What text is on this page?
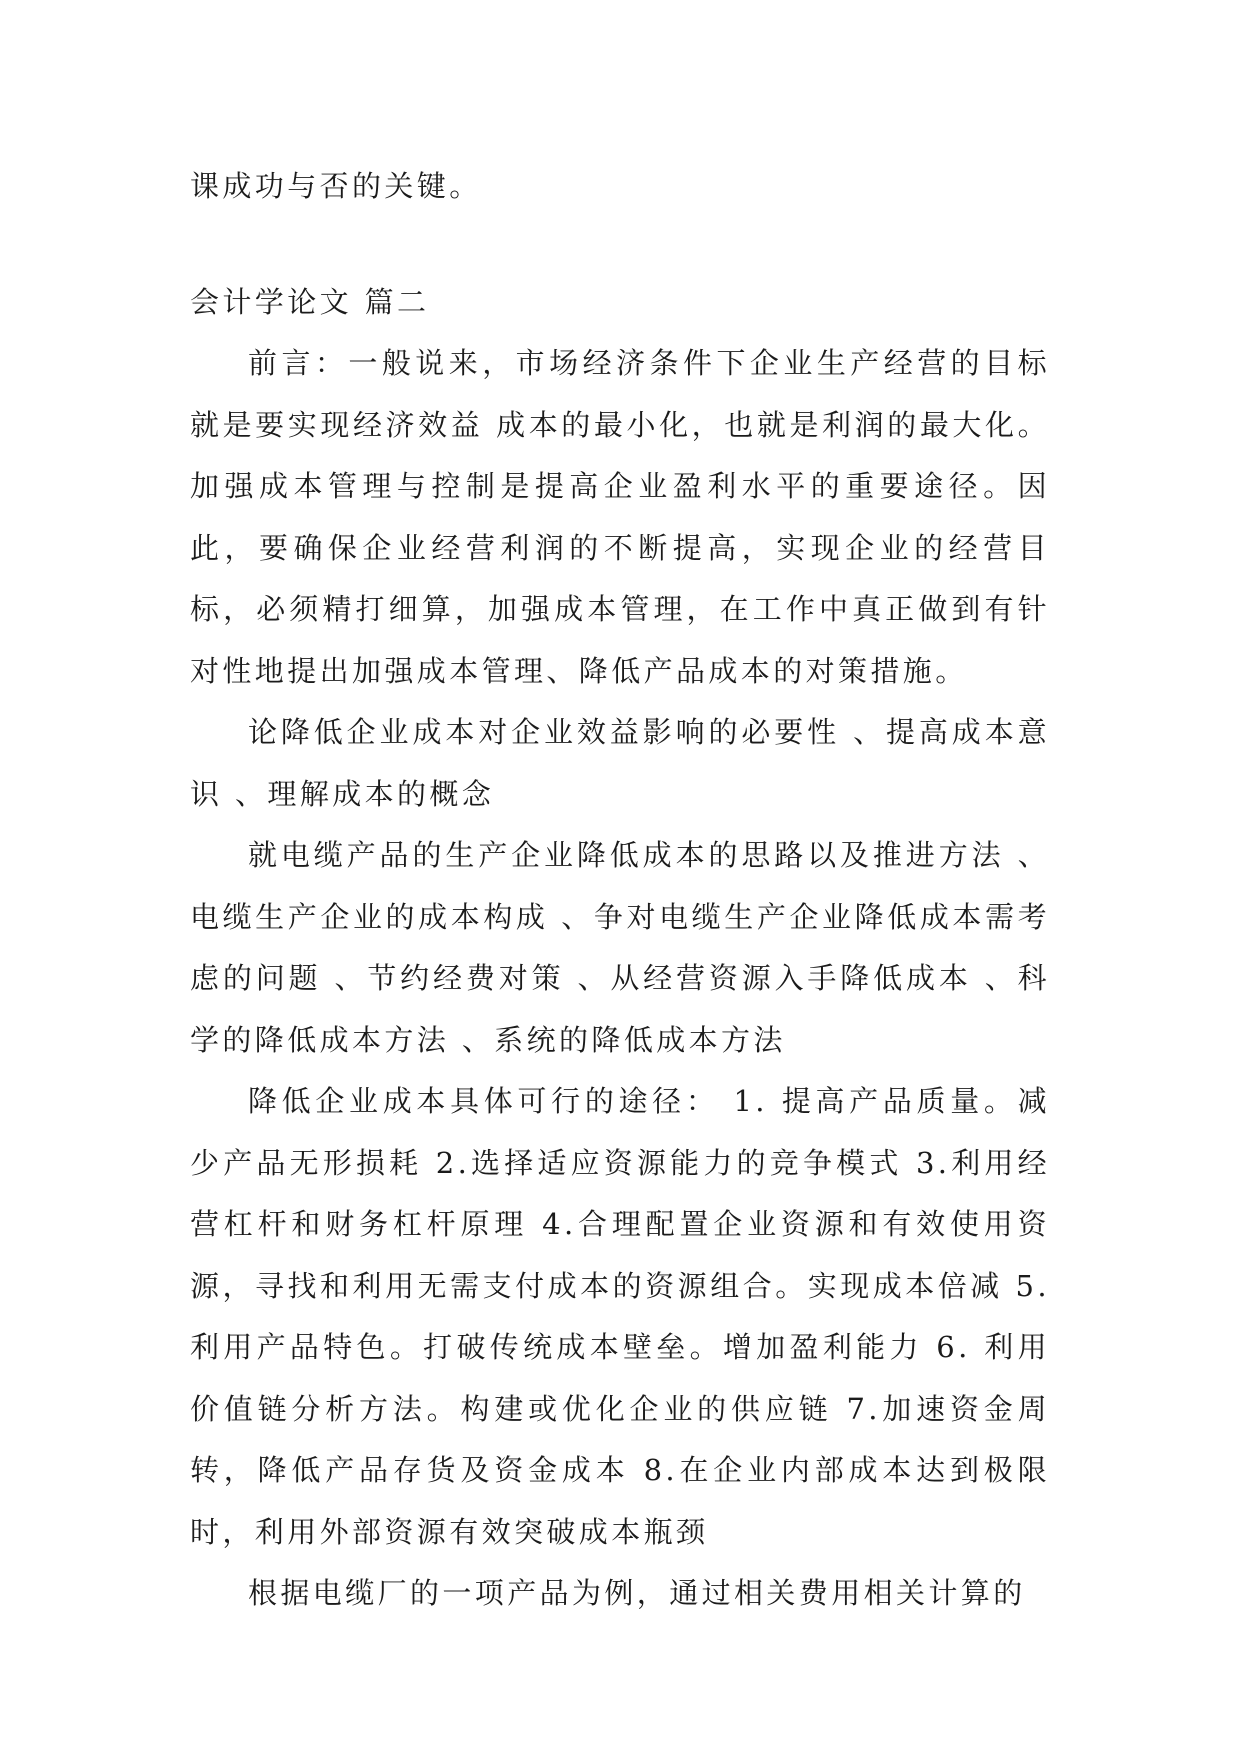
课成功与否的关键。

会计学论文 篇二

前言：一般说来，市场经济条件下企业生产经营的目标就是要实现经济效益 成本的最小化，也就是利润的最大化。加强成本管理与控制是提高企业盈利水平的重要途径。因此，要确保企业经营利润的不断提高，实现企业的经营目标，必须精打细算，加强成本管理，在工作中真正做到有针对性地提出加强成本管理、降低产品成本的对策措施。

论降低企业成本对企业效益影响的必要性 、提高成本意识 、理解成本的概念

就电缆产品的生产企业降低成本的思路以及推进方法 、电缆生产企业的成本构成 、争对电缆生产企业降低成本需考虑的问题 、节约经费对策 、从经营资源入手降低成本 、科学的降低成本方法 、系统的降低成本方法

降低企业成本具体可行的途径： 1. 提高产品质量。减少产品无形损耗 2.选择适应资源能力的竞争模式 3.利用经营杠杆和财务杠杆原理 4.合理配置企业资源和有效使用资源，寻找和利用无需支付成本的资源组合。实现成本倍减 5.利用产品特色。打破传统成本壁垒。增加盈利能力 6. 利用价值链分析方法。构建或优化企业的供应链 7.加速资金周转，降低产品存货及资金成本 8.在企业内部成本达到极限时，利用外部资源有效突破成本瓶颈

根据电缆厂的一项产品为例，通过相关费用相关计算的
